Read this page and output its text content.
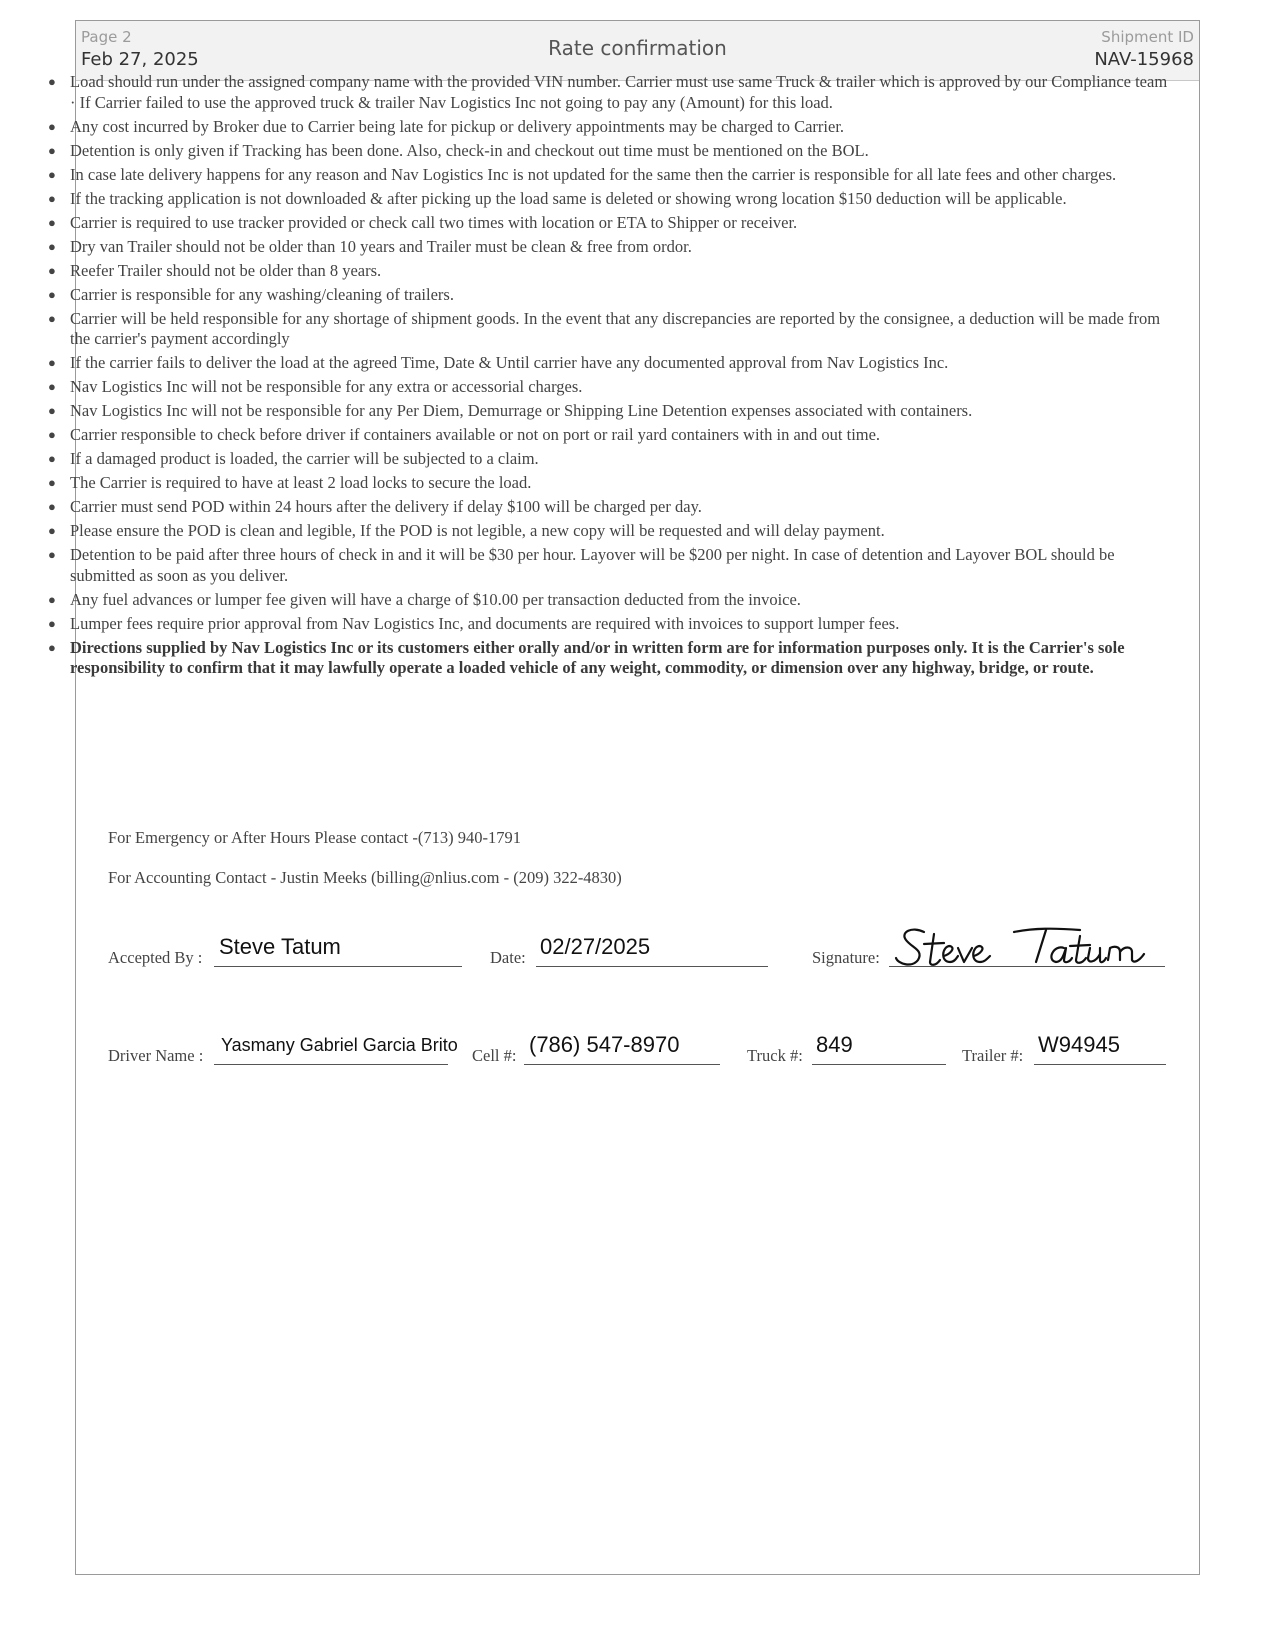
Page 2
Feb 27, 2025	Rate confirmation	Shipment ID
NAV-15968
● Load should run under the assigned company name with the provided VIN number. Carrier must use same Truck & trailer which is approved by our Compliance team · If Carrier failed to use the approved truck & trailer Nav Logistics Inc not going to pay any (Amount) for this load.
● Any cost incurred by Broker due to Carrier being late for pickup or delivery appointments may be charged to Carrier.
● Detention is only given if Tracking has been done. Also, check-in and checkout out time must be mentioned on the BOL.
● In case late delivery happens for any reason and Nav Logistics Inc is not updated for the same then the carrier is responsible for all late fees and other charges.
● If the tracking application is not downloaded & after picking up the load same is deleted or showing wrong location $150 deduction will be applicable.
● Carrier is required to use tracker provided or check call two times with location or ETA to Shipper or receiver.
● Dry van Trailer should not be older than 10 years and Trailer must be clean & free from ordor.
● Reefer Trailer should not be older than 8 years.
● Carrier is responsible for any washing/cleaning of trailers.
● Carrier will be held responsible for any shortage of shipment goods. In the event that any discrepancies are reported by the consignee, a deduction will be made from the carrier's payment accordingly
● If the carrier fails to deliver the load at the agreed Time, Date & Until carrier have any documented approval from Nav Logistics Inc.
● Nav Logistics Inc will not be responsible for any extra or accessorial charges.
● Nav Logistics Inc will not be responsible for any Per Diem, Demurrage or Shipping Line Detention expenses associated with containers.
● Carrier responsible to check before driver if containers available or not on port or rail yard containers with in and out time.
● If a damaged product is loaded, the carrier will be subjected to a claim.
● The Carrier is required to have at least 2 load locks to secure the load.
● Carrier must send POD within 24 hours after the delivery if delay $100 will be charged per day.
● Please ensure the POD is clean and legible, If the POD is not legible, a new copy will be requested and will delay payment.
● Detention to be paid after three hours of check in and it will be $30 per hour. Layover will be $200 per night. In case of detention and Layover BOL should be submitted as soon as you deliver.
● Any fuel advances or lumper fee given will have a charge of $10.00 per transaction deducted from the invoice.
● Lumper fees require prior approval from Nav Logistics Inc, and documents are required with invoices to support lumper fees.
● Directions supplied by Nav Logistics Inc or its customers either orally and/or in written form are for information purposes only. It is the Carrier's sole responsibility to confirm that it may lawfully operate a loaded vehicle of any weight, commodity, or dimension over any highway, bridge, or route.
For Emergency or After Hours Please contact -(713) 940-1791
For Accounting Contact - Justin Meeks (billing@nlius.com - (209) 322-4830)
Accepted By : Steve Tatum	Date: 02/27/2025	Signature:
Driver Name :
Yasmany Gabriel Garcia Brito
Cell #: (786) 547-8970	Truck #: 849	Trailer #: W94945
